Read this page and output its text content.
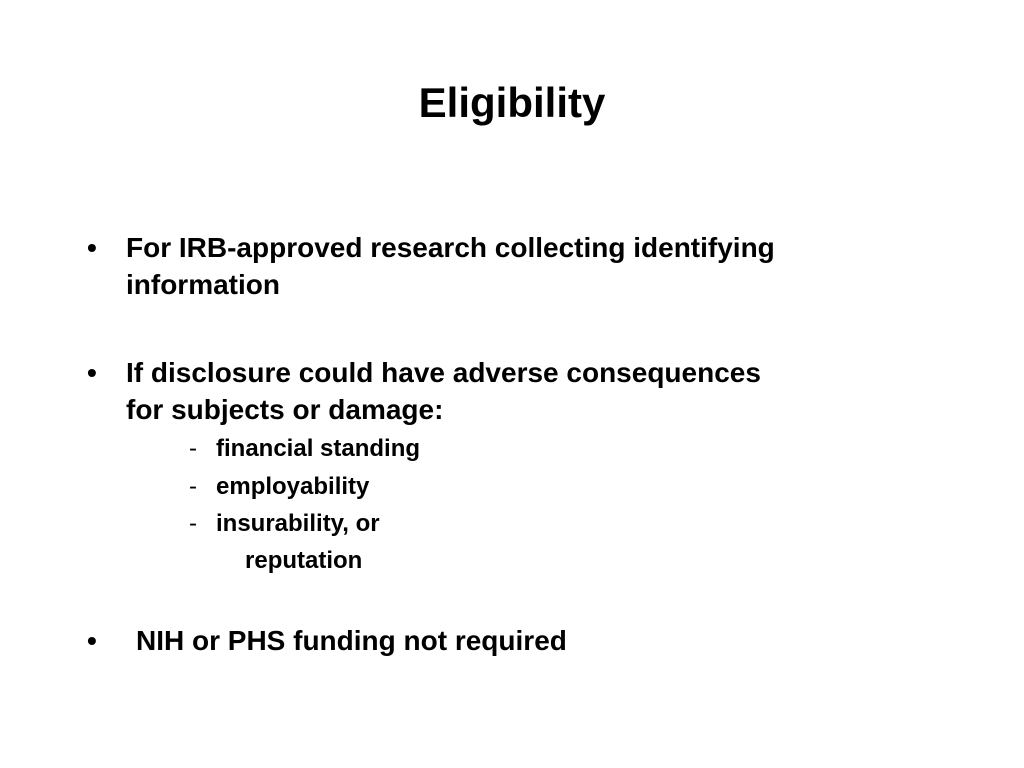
Eligibility
• For IRB-approved research collecting identifying
information
• If disclosure could have adverse consequences
for subjects or damage:
- financial standing
- employability
- insurability, or
reputation
• NIH or PHS funding not required
